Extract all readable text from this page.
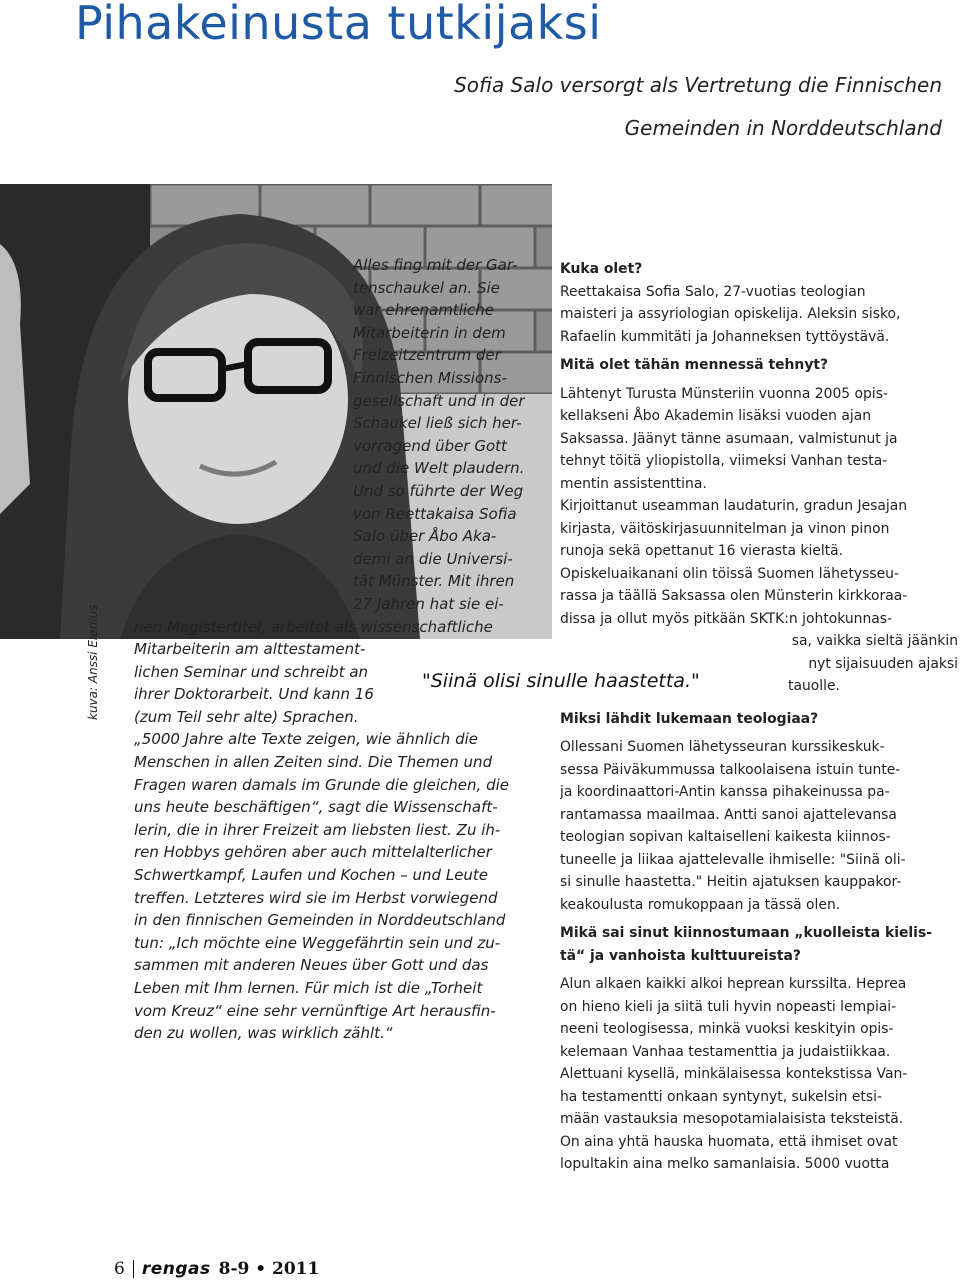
Pihakeinusta tutkijaksi
Sofia Salo versorgt als Vertretung die Finnischen
Gemeinden in Norddeutschland
kuva: Anssi Elenius

Alles fing mit der Gar-

tenschaukel an. Sie

war ehrenamtliche

Mitarbeiterin in dem

Freizeitzentrum der

Finnischen Missions-

gesellschaft und in der

Schaukel ließ sich her-

vorragend über Gott

und die Welt plaudern.

Und so führte der Weg

von Reettakaisa Sofia

Salo über Åbo Aka-

demi an die Universi-

tät Münster. Mit ihren

27 Jahren hat sie ei-

nen Magistertitel, arbeitet als wissenschaftliche

Mitarbeiterin am alttestament-

lichen Seminar und schreibt an

ihrer Doktorarbeit. Und kann 16

(zum Teil sehr alte) Sprachen.

„5000 Jahre alte Texte zeigen, wie ähnlich die

Menschen in allen Zeiten sind. Die Themen und

Fragen waren damals im Grunde die gleichen, die

uns heute beschäftigen“, sagt die Wissenschaft-

lerin, die in ihrer Freizeit am liebsten liest. Zu ih-

ren Hobbys gehören aber auch mittelalterlicher

Schwertkampf, Laufen und Kochen – und Leute

treffen. Letzteres wird sie im Herbst vorwiegend

in den finnischen Gemeinden in Norddeutschland

tun: „Ich möchte eine Weggefährtin sein und zu-

sammen mit anderen Neues über Gott und das

Leben mit Ihm lernen. Für mich ist die „Torheit

vom Kreuz“ eine sehr vernünftige Art herausfin-

den zu wollen, was wirklich zählt.“

"Siinä olisi sinulle haastetta."

Kuka olet?

Reettakaisa Sofia Salo, 27-vuotias teologian

maisteri ja assyriologian opiskelija. Aleksin sisko,

Rafaelin kummitäti ja Johanneksen tyttöystävä.

Mitä olet tähän mennessä tehnyt?

Lähtenyt Turusta Münsteriin vuonna 2005 opis-

kellakseni Åbo Akademin lisäksi vuoden ajan

Saksassa. Jäänyt tänne asumaan, valmistunut ja

tehnyt töitä yliopistolla, viimeksi Vanhan testa-

mentin assistenttina.

Kirjoittanut useamman laudaturin, gradun Jesajan

kirjasta, väitöskirjasuunnitelman ja vinon pinon

runoja sekä opettanut 16 vierasta kieltä.

Opiskeluaikanani olin töissä Suomen lähetysseu-

rassa ja täällä Saksassa olen Münsterin kirkkoraa-

dissa ja ollut myös pitkään SKTK:n johtokunnas-

sa, vaikka sieltä jäänkin

nyt sijaisuuden ajaksi

tauolle.

Miksi lähdit lukemaan teologiaa?

Ollessani Suomen lähetysseuran kurssikeskuk-

sessa Päiväkummussa talkoolaisena istuin tunte-

ja koordinaattori-Antin kanssa pihakeinussa pa-

rantamassa maailmaa. Antti sanoi ajattelevansa

teologian sopivan kaltaiselleni kaikesta kiinnos-

tuneelle ja liikaa ajattelevalle ihmiselle: "Siinä oli-

si sinulle haastetta." Heitin ajatuksen kauppakor-

keakoulusta romukoppaan ja tässä olen.

Mikä sai sinut kiinnostumaan „kuolleista kielis-

tä“ ja vanhoista kulttuureista?

Alun alkaen kaikki alkoi heprean kurssilta. Heprea

on hieno kieli ja siitä tuli hyvin nopeasti lempiai-

neeni teologisessa, minkä vuoksi keskityin opis-

kelemaan Vanhaa testamenttia ja judaistiikkaa.

Alettuani kysellä, minkälaisessa kontekstissa Van-

ha testamentti onkaan syntynyt, sukelsin etsi-

mään vastauksia mesopotamialaisista teksteistä.

On aina yhtä hauska huomata, että ihmiset ovat

lopultakin aina melko samanlaisia. 5000 vuotta

6 rengas 8-9 • 2011
